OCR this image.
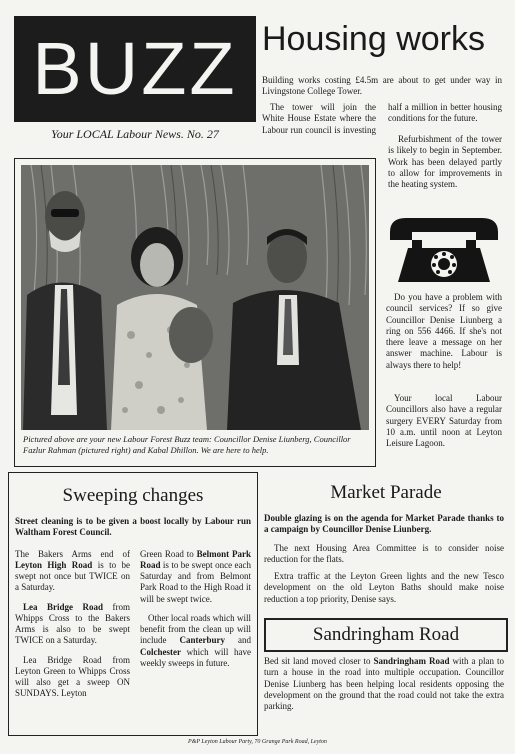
BUZZ
Your LOCAL Labour News. No. 27
Housing works

Building works costing £4.5m are about to get under way in Livingstone College Tower.

The tower will join the White House Estate where the Labour run council is investing half a million in better housing conditions for the future.

Refurbishment of the tower is likely to begin in September. Work has been delayed partly to allow for improvements in the heating system.

Pictured above are your new Labour Forest Buzz team: Councillor Denise Liunberg, Councillor Fazlur Rahman (pictured right) and Kabal Dhillon. We are here to help.

Do you have a problem with council services? If so give Councillor Denise Liunberg a ring on 556 4466. If she's not there leave a message on her answer machine. Labour is always there to help!

Your local Labour Councillors also have a regular surgery EVERY Saturday from 10 a.m. until noon at Leyton Leisure Lagoon.

Sweeping changes

Street cleaning is to be given a boost locally by Labour run Waltham Forest Council.

The Bakers Arms end of Leyton High Road is to be swept not once but TWICE on a Saturday.

Lea Bridge Road from Whipps Cross to the Bakers Arms is also to be swept TWICE on a Saturday.

Lea Bridge Road from Leyton Green to Whipps Cross will also get a sweep ON SUNDAYS. Leyton

Green Road to Belmont Park Road is to be swept once each Saturday and from Belmont Park Road to the High Road it will be swept twice.

Other local roads which will benefit from the clean up will include Canterbury and Colchester which will have weekly sweeps in future.

Market Parade

Double glazing is on the agenda for Market Parade thanks to a campaign by Councillor Denise Liunberg.

The next Housing Area Committee is to consider noise reduction for the flats.

Extra traffic at the Leyton Green lights and the new Tesco development on the old Leyton Baths should make noise reduction a top priority, Denise says.

Sandringham Road

Bed sit land moved closer to Sandringham Road with a plan to turn a house in the road into multiple occupation. Councillor Denise Liunberg has been helping local residents opposing the development on the ground that the road could not take the extra parking.

P&P Leyton Labour Party, 70 Grange Park Road, Leyton
